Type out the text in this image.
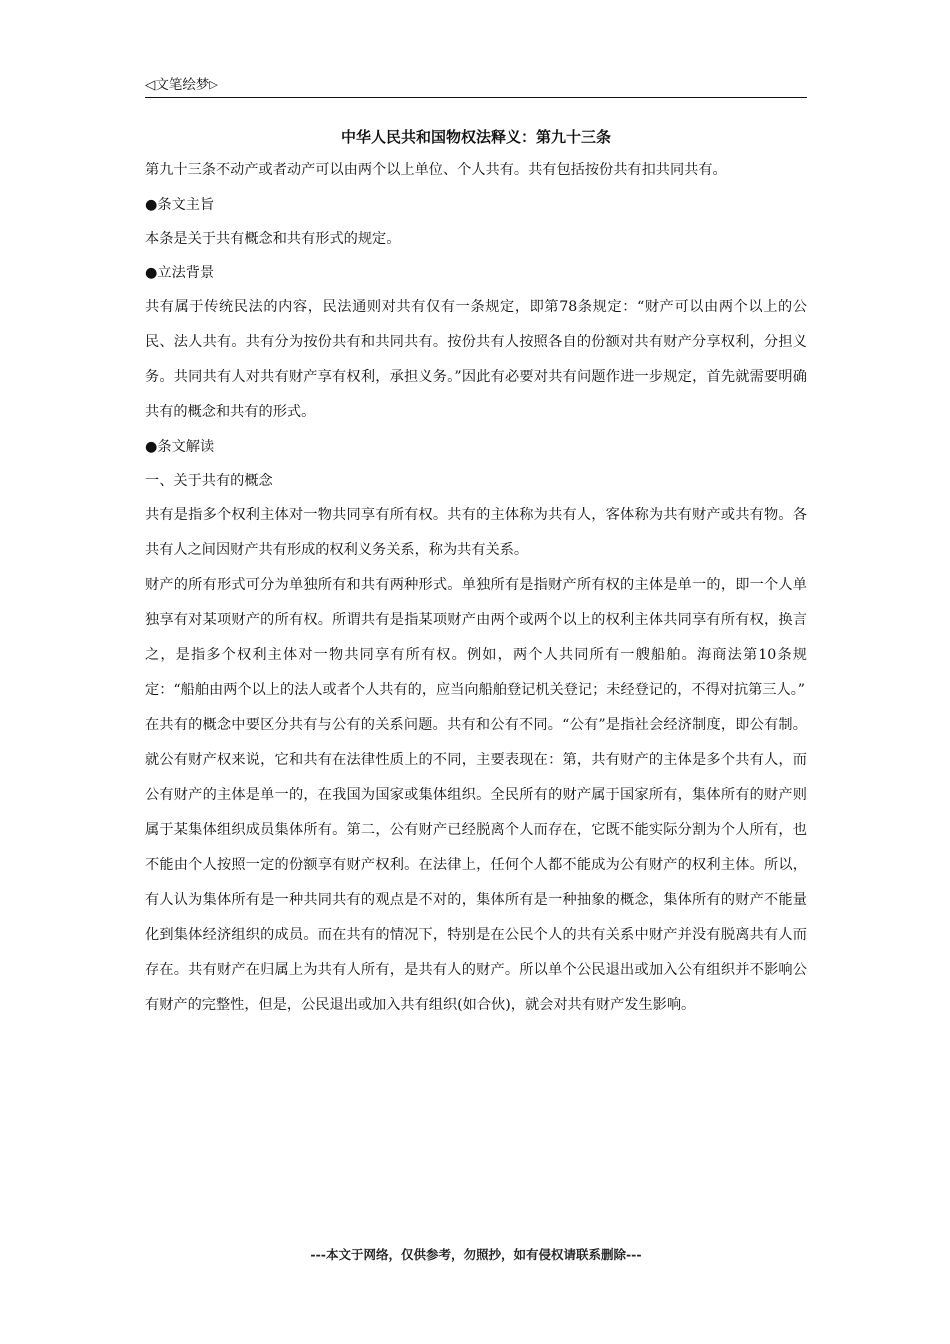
◁文笔绘梦▷
中华人民共和国物权法释义：第九十三条

第九十三条不动产或者动产可以由两个以上单位、个人共有。共有包括按份共有扣共同共有。

●条文主旨

本条是关于共有概念和共有形式的规定。

●立法背景

共有属于传统民法的内容，民法通则对共有仅有一条规定，即第78条规定：“财产可以由两个以上的公民、法人共有。共有分为按份共有和共同共有。按份共有人按照各自的份额对共有财产分享权利，分担义务。共同共有人对共有财产享有权利，承担义务。”因此有必要对共有问题作进一步规定，首先就需要明确共有的概念和共有的形式。

●条文解读

一、关于共有的概念

共有是指多个权利主体对一物共同享有所有权。共有的主体称为共有人，客体称为共有财产或共有物。各共有人之间因财产共有形成的权利义务关系，称为共有关系。

财产的所有形式可分为单独所有和共有两种形式。单独所有是指财产所有权的主体是单一的，即一个人单独享有对某项财产的所有权。所谓共有是指某项财产由两个或两个以上的权利主体共同享有所有权，换言之，是指多个权利主体对一物共同享有所有权。例如，两个人共同所有一艘船舶。海商法第10条规定：“船舶由两个以上的法人或者个人共有的，应当向船舶登记机关登记；未经登记的，不得对抗第三人。”

在共有的概念中要区分共有与公有的关系问题。共有和公有不同。“公有”是指社会经济制度，即公有制。就公有财产权来说，它和共有在法律性质上的不同，主要表现在：第，共有财产的主体是多个共有人，而公有财产的主体是单一的，在我国为国家或集体组织。全民所有的财产属于国家所有，集体所有的财产则属于某集体组织成员集体所有。第二，公有财产已经脱离个人而存在，它既不能实际分割为个人所有，也不能由个人按照一定的份额享有财产权利。在法律上，任何个人都不能成为公有财产的权利主体。所以，有人认为集体所有是一种共同共有的观点是不对的，集体所有是一种抽象的概念，集体所有的财产不能量化到集体经济组织的成员。而在共有的情况下，特别是在公民个人的共有关系中财产并没有脱离共有人而存在。共有财产在归属上为共有人所有，是共有人的财产。所以单个公民退出或加入公有组织并不影响公有财产的完整性，但是，公民退出或加入共有组织(如合伙)，就会对共有财产发生影响。

---本文于网络，仅供参考，勿照抄，如有侵权请联系删除---
